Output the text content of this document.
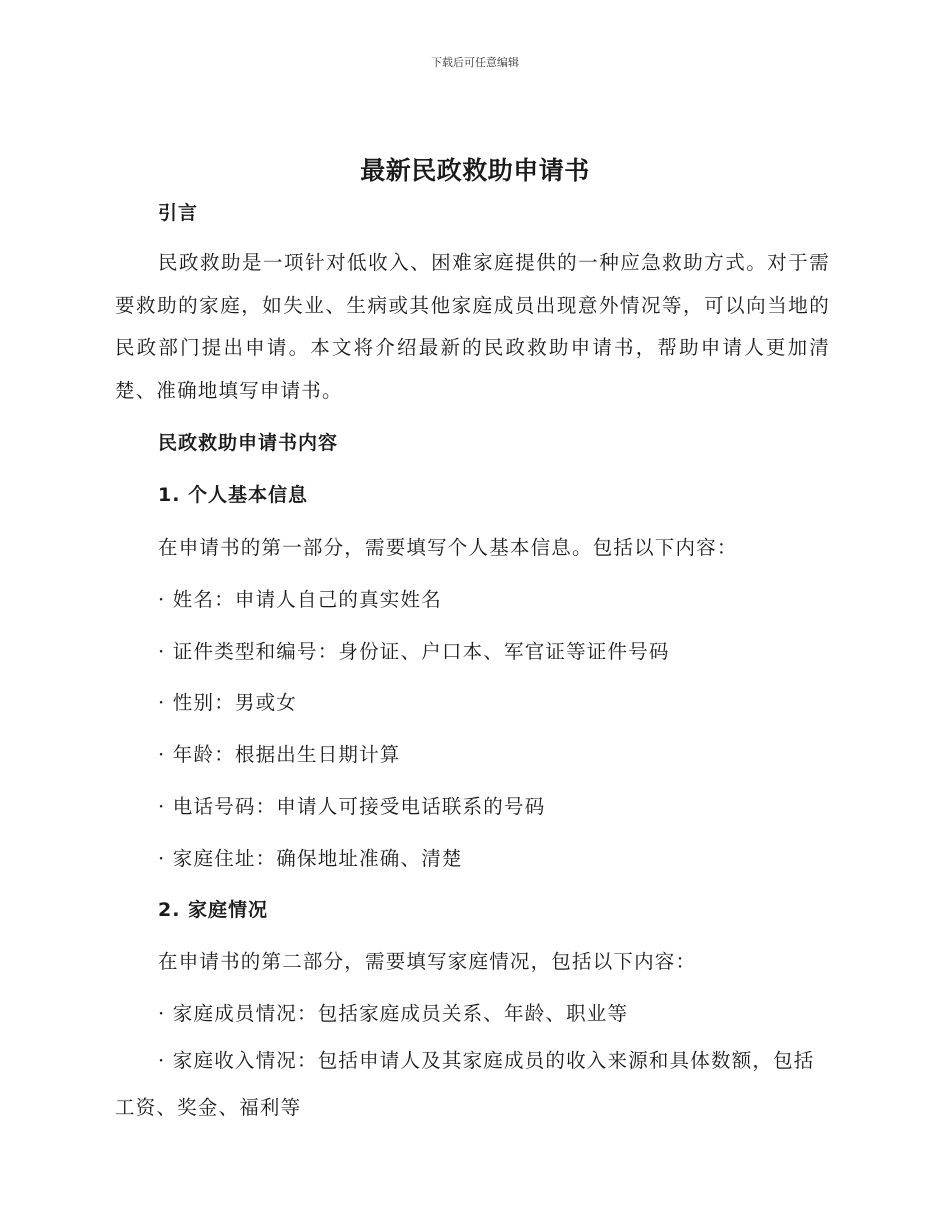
下载后可任意编辑
最新民政救助申请书
引言
民政救助是一项针对低收入、困难家庭提供的一种应急救助方式。对于需要救助的家庭，如失业、生病或其他家庭成员出现意外情况等，可以向当地的民政部门提出申请。本文将介绍最新的民政救助申请书，帮助申请人更加清楚、准确地填写申请书。
民政救助申请书内容
1. 个人基本信息
在申请书的第一部分，需要填写个人基本信息。包括以下内容：
· 姓名：申请人自己的真实姓名
· 证件类型和编号：身份证、户口本、军官证等证件号码
· 性别：男或女
· 年龄：根据出生日期计算
· 电话号码：申请人可接受电话联系的号码
· 家庭住址：确保地址准确、清楚
2. 家庭情况
在申请书的第二部分，需要填写家庭情况，包括以下内容：
· 家庭成员情况：包括家庭成员关系、年龄、职业等
· 家庭收入情况：包括申请人及其家庭成员的收入来源和具体数额，包括工资、奖金、福利等
